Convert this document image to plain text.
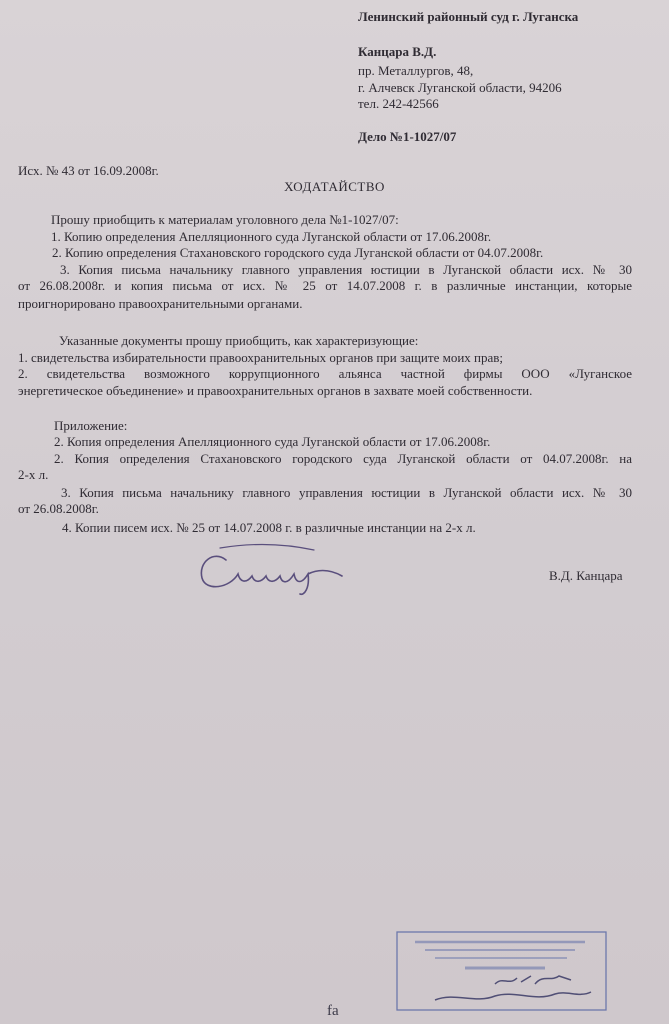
Ленинский районный суд г. Луганска
Канцара В.Д.
пр. Металлургов, 48,
г. Алчевск Луганской области, 94206
тел. 242-42566
Дело №1-1027/07
Исх. № 43 от 16.09.2008г.
ХОДАТАЙСТВО
Прошу приобщить к материалам уголовного дела №1-1027/07:
1. Копию определения Апелляционного суда Луганской области от 17.06.2008г.
2. Копию определения Стахановского городского суда Луганской области от 04.07.2008г.
3. Копия письма начальнику главного управления юстиции в Луганской области исх. № 30
от 26.08.2008г. и копия письма от исх. № 25 от 14.07.2008 г. в различные инстанции, которые
проигнорировано правоохранительными органами.
Указанные документы прошу приобщить, как характеризующие:
1. свидетельства избирательности правоохранительных органов при защите моих прав;
2. свидетельства возможного коррупционного альянса частной фирмы ООО «Луганское
энергетическое объединение» и правоохранительных органов в захвате моей собственности.
Приложение:
2. Копия определения Апелляционного суда Луганской области от 17.06.2008г.
2. Копия определения Стахановского городского суда Луганской области от 04.07.2008г. на
2-х л.
3. Копия письма начальнику главного управления юстиции в Луганской области исх. № 30
от 26.08.2008г.
4. Копии писем исх. № 25 от 14.07.2008 г. в различные инстанции на 2-х л.
В.Д. Канцара
fa
